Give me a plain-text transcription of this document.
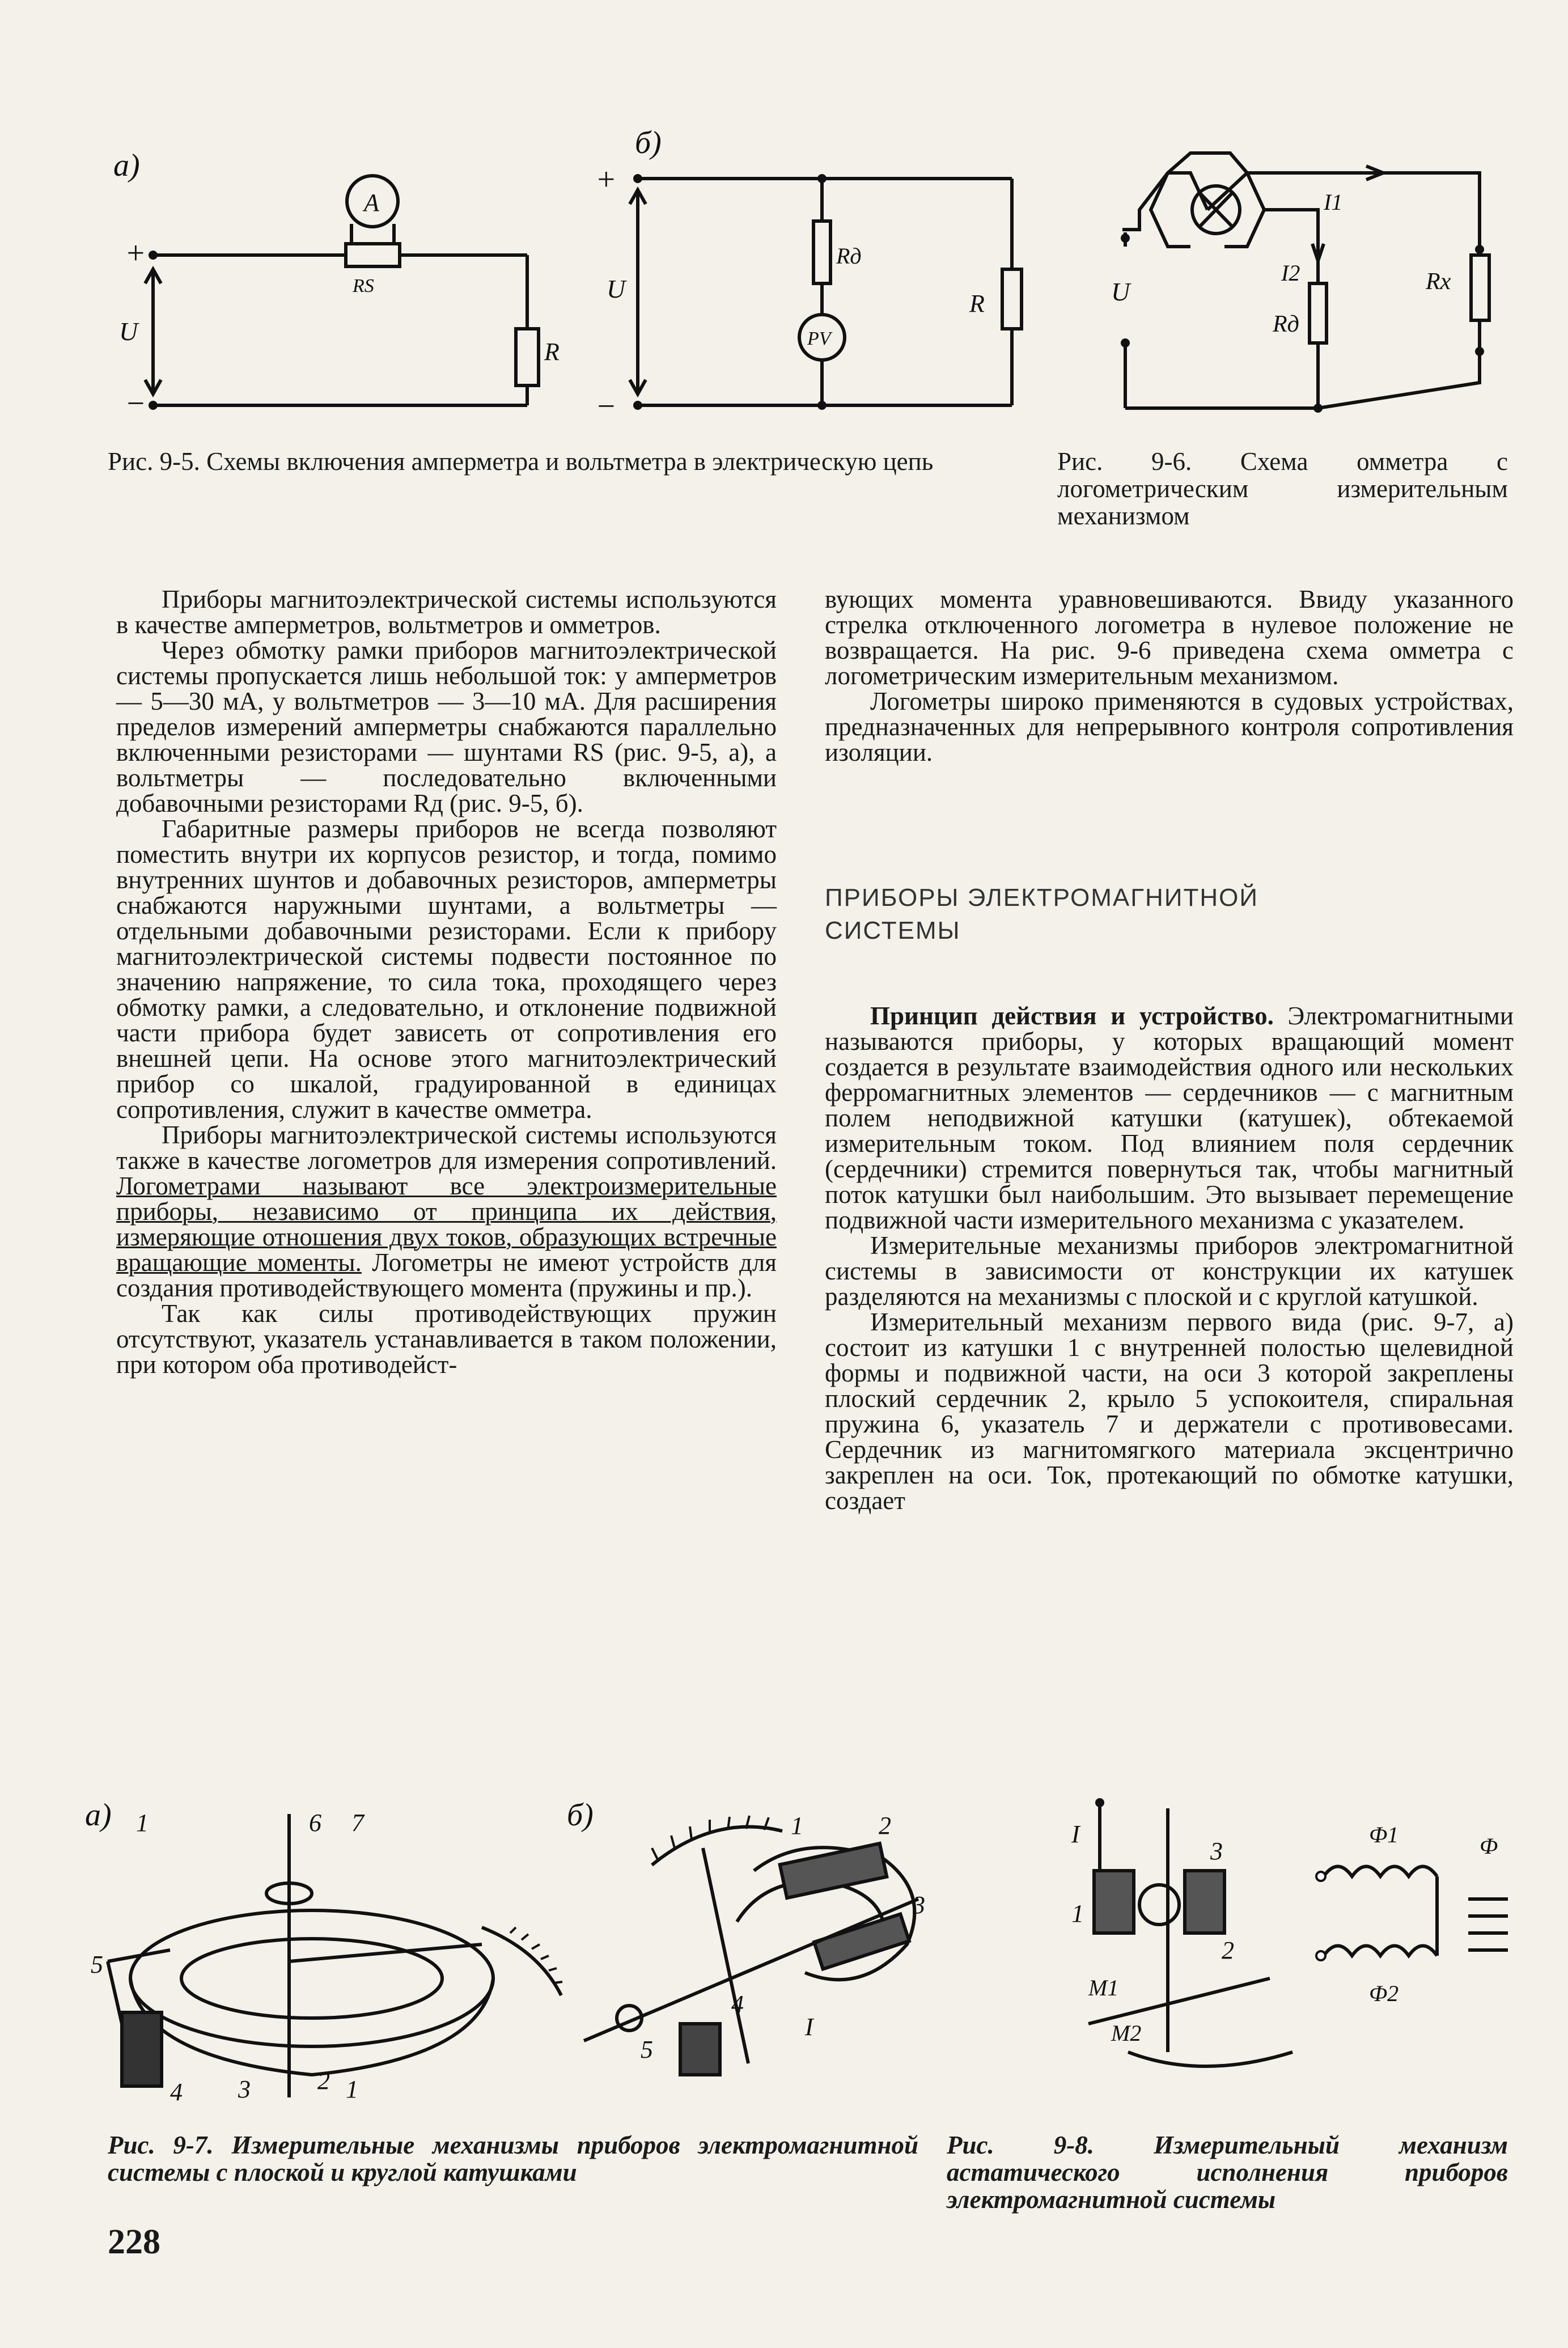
а)
+
−
U
A
RS
R
б)
+
−
U
PV
Rд
R
Рис. 9-5. Схемы включения амперметра и вольтметра в электрическую цепь
U
I1
I2	Rx
Rд
Рис. 9-6. Схема омметра с логометрическим измерительным механизмом

Приборы магнитоэлектрической системы используются в качестве амперметров, вольтметров и омметров.

Через обмотку рамки приборов магнитоэлектрической системы пропускается лишь небольшой ток: у амперметров — 5—30 мА, у вольтметров — 3—10 мА. Для расширения пределов измерений амперметры снабжаются параллельно включенными резисторами — шунтами RS (рис. 9-5, а), а вольтметры — последовательно включенными добавочными резисторами Rд (рис. 9-5, б).

Габаритные размеры приборов не всегда позволяют поместить внутри их корпусов резистор, и тогда, помимо внутренних шунтов и добавочных резисторов, амперметры снабжаются наружными шунтами, а вольтметры — отдельными добавочными резисторами. Если к прибору магнитоэлектрической системы подвести постоянное по значению напряжение, то сила тока, проходящего через обмотку рамки, а следовательно, и отклонение подвижной части прибора будет зависеть от сопротивления его внешней цепи. На основе этого магнитоэлектрический прибор со шкалой, градуированной в единицах сопротивления, служит в качестве омметра.

Приборы магнитоэлектрической системы используются также в качестве логометров для измерения сопротивлений. Логометрами называют все электроизмерительные приборы, независимо от принципа их действия, измеряющие отношения двух токов, образующих встречные вращающие моменты. Логометры не имеют устройств для создания противодействующего момента (пружины и пр.).

Так как силы противодействующих пружин отсутствуют, указатель устанавливается в таком положении, при котором оба противодейст-

вующих момента уравновешиваются. Ввиду указанного стрелка отключенного логометра в нулевое положение не возвращается. На рис. 9-6 приведена схема омметра с логометрическим измерительным механизмом.

Логометры широко применяются в судовых устройствах, предназначенных для непрерывного контроля сопротивления изоляции.

ПРИБОРЫ ЭЛЕКТРОМАГНИТНОЙ
СИСТЕМЫ

Принцип действия и устройство. Электромагнитными называются приборы, у которых вращающий момент создается в результате взаимодействия одного или нескольких ферромагнитных элементов — сердечников — с магнитным полем неподвижной катушки (катушек), обтекаемой измерительным током. Под влиянием поля сердечник (сердечники) стремится повернуться так, чтобы магнитный поток катушки был наибольшим. Это вызывает перемещение подвижной части измерительного механизма с указателем.

Измерительные механизмы приборов электромагнитной системы в зависимости от конструкции их катушек разделяются на механизмы с плоской и с круглой катушкой.

Измерительный механизм первого вида (рис. 9-7, а) состоит из катушки 1 с внутренней полостью щелевидной формы и подвижной части, на оси 3 которой закреплены плоский сердечник 2, крыло 5 успокоителя, спиральная пружина 6, указатель 7 и держатели с противовесами. Сердечник из магнитомягкого материала эксцентрично закреплен на оси. Ток, протекающий по обмотке катушки, создает

а) 1	6 7
5
4 3	2 1
б)	1	2
3
4
5
I
Рис. 9-7. Измерительные механизмы приборов электромагнитной системы с плоской и круглой катушками
I
1
2
3
M1
M2
Ф1
Ф2
Ф
Рис. 9-8. Измерительный механизм астатического исполнения приборов электромагнитной системы
228
